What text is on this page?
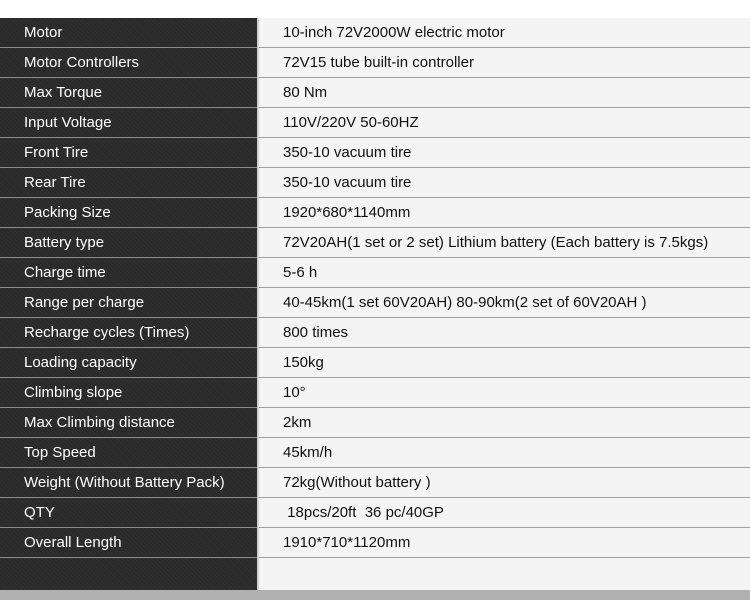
Motor
Motor Controllers
Max Torque
Input Voltage
Front Tire
Rear Tire
Packing Size
Battery type
Charge time
Range per charge
Recharge cycles (Times)
Loading capacity
Climbing slope
Max Climbing distance
Top Speed
Weight (Without Battery Pack)
QTY
Overall Length
10-inch 72V2000W electric motor
72V15 tube built-in controller
80 Nm
110V/220V 50-60HZ
350-10 vacuum tire
350-10 vacuum tire
1920*680*1140mm
72V20AH(1 set or 2 set) Lithium battery (Each battery is 7.5kgs)
5-6 h
40-45km(1 set 60V20AH) 80-90km(2 set of 60V20AH )
800 times
150kg
10°
2km
45km/h
72kg(Without battery )
18pcs/20ft  36 pc/40GP
1910*710*1120mm
